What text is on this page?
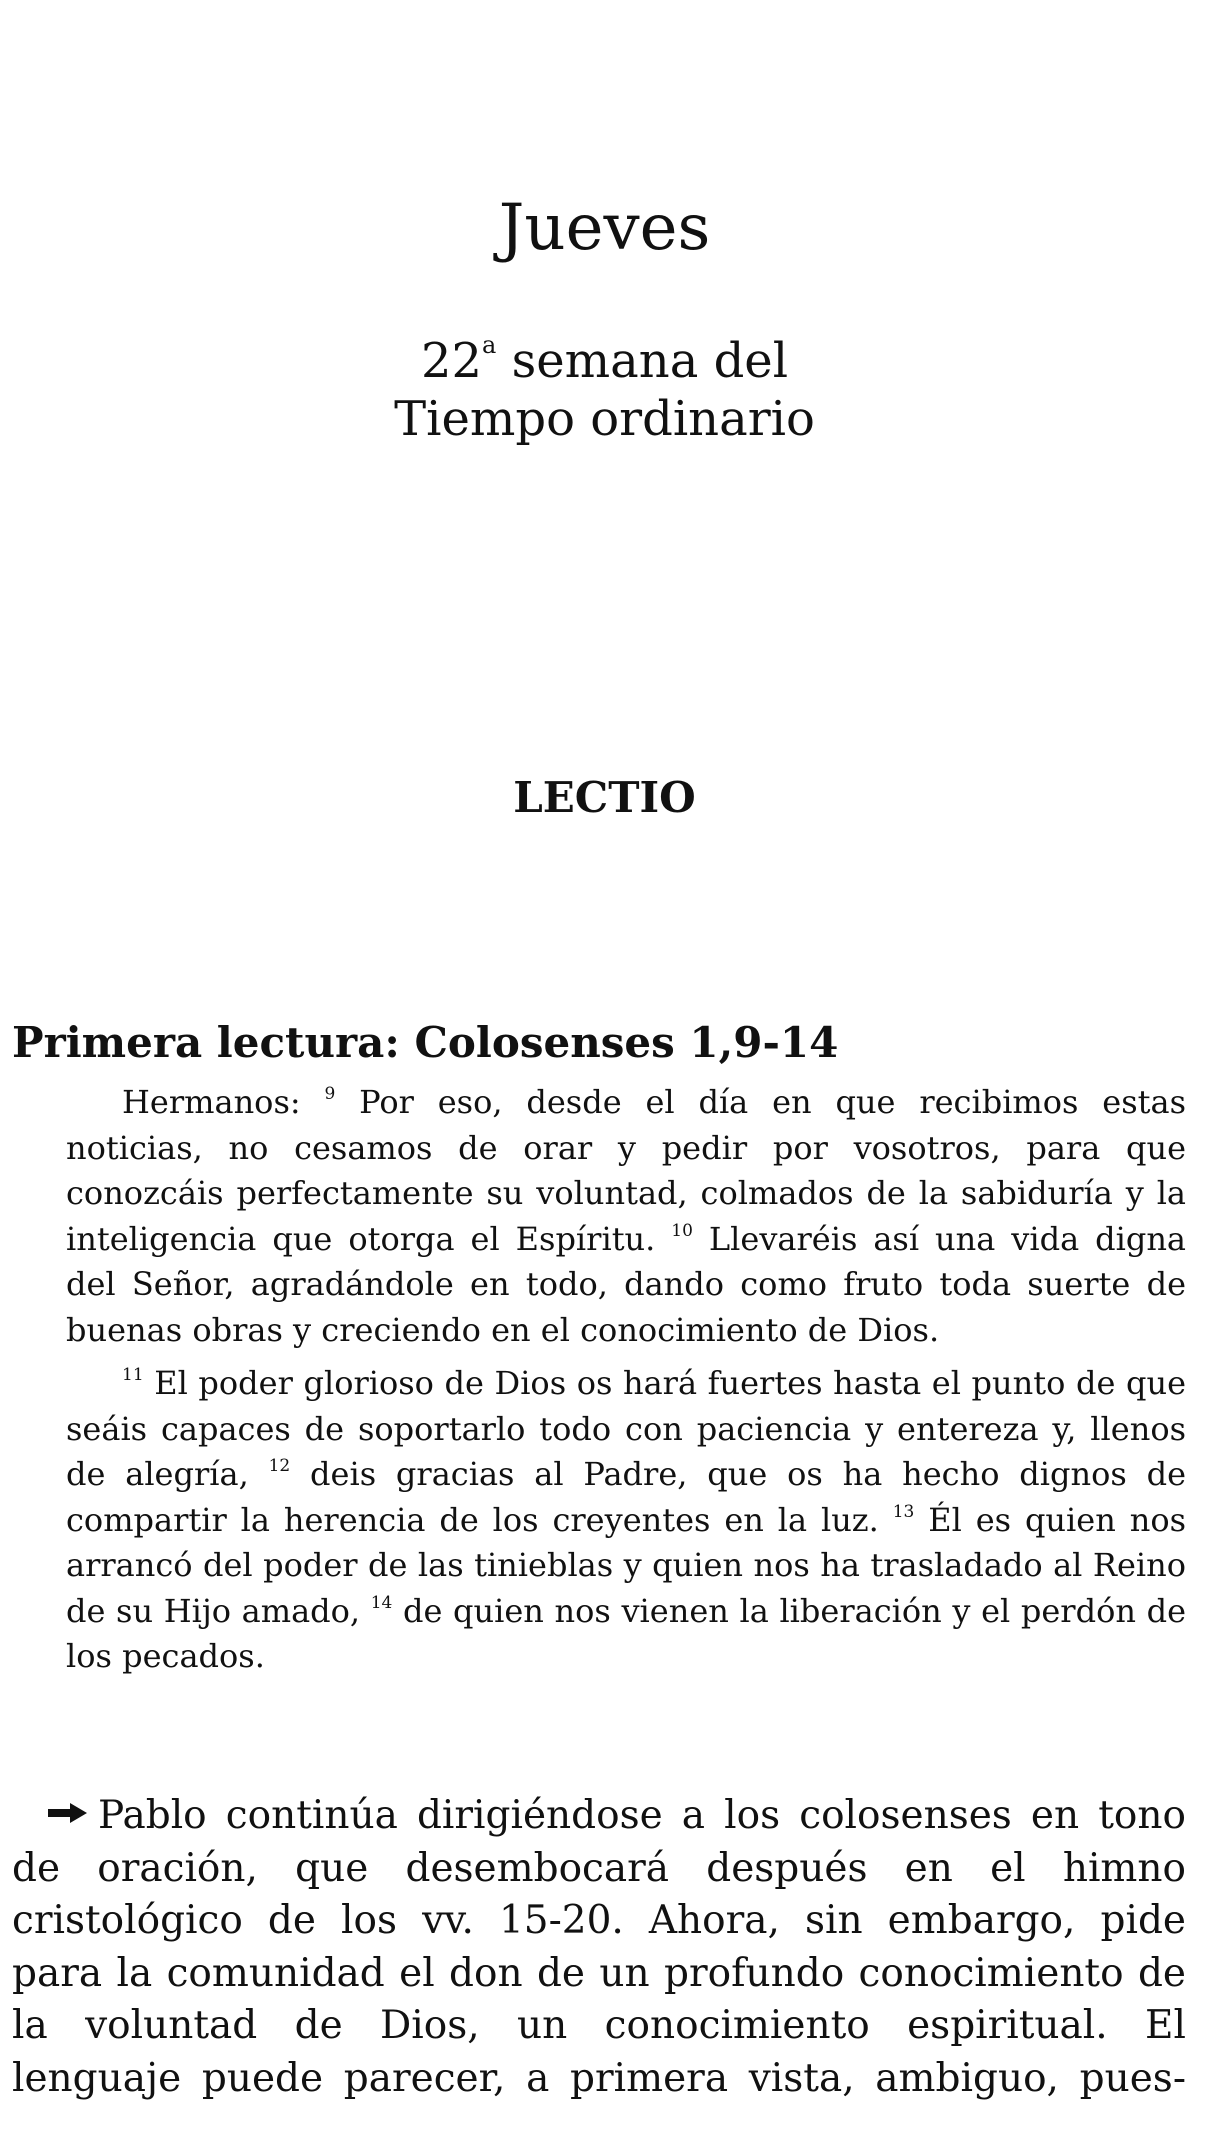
Jueves
22$^a$ semana del
Tiempo ordinario
LECTIO
Primera lectura: Colosenses 1,9-14

Hermanos: $^9$ Por eso, desde el día en que recibimos estas noticias, no cesamos de orar y pedir por vosotros, para que conozcáis perfectamente su voluntad, colmados de la sabiduría y la inteligencia que otorga el Espíritu. $^{10}$ Llevaréis así una vida digna del Señor, agradándole en todo, dando como fruto toda suerte de buenas obras y creciendo en el conocimiento de Dios.

$^{11}$ El poder glorioso de Dios os hará fuertes hasta el punto de que seáis capaces de soportarlo todo con paciencia y entereza y, llenos de alegría, $^{12}$ deis gracias al Padre, que os ha hecho dignos de compartir la herencia de los creyentes en la luz. $^{13}$ Él es quien nos arrancó del poder de las tinieblas y quien nos ha trasladado al Reino de su Hijo amado, $^{14}$ de quien nos vienen la liberación y el perdón de los pecados.

Pablo continúa dirigiéndose a los colosenses en tono de oración, que desembocará después en el himno cristológico de los vv. 15-20. Ahora, sin embargo, pide para la comunidad el don de un profundo conocimiento de la voluntad de Dios, un conocimiento espiritual. El lenguaje puede parecer, a primera vista, ambiguo, pues-
